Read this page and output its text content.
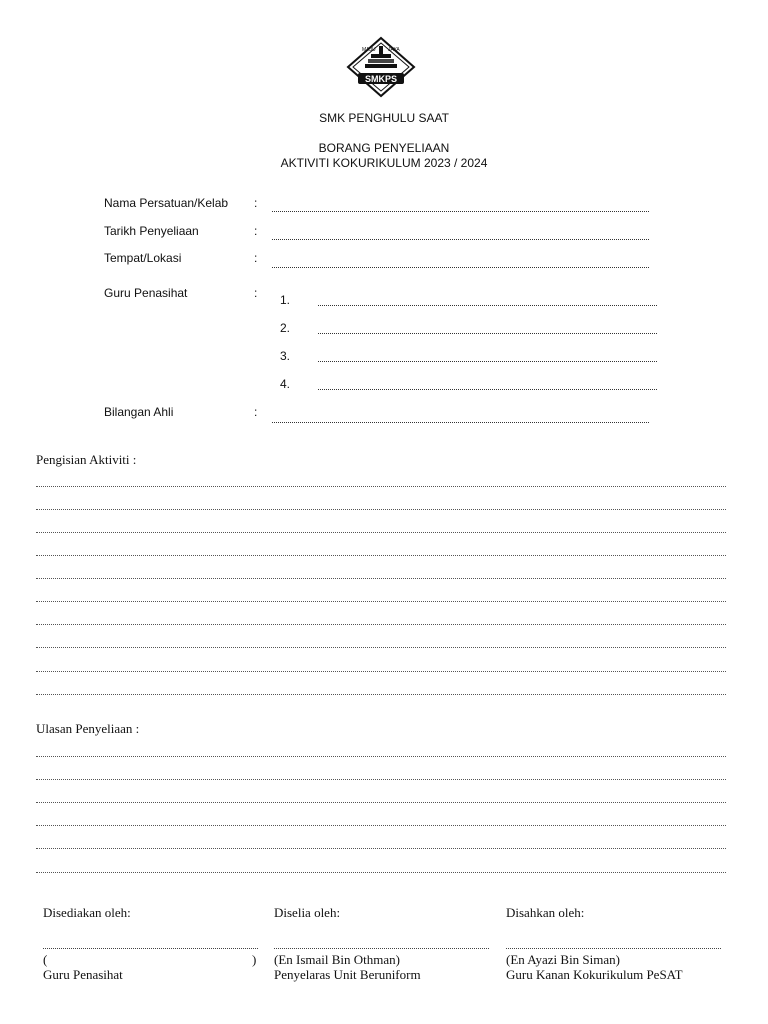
MAJU JAYA
SMKPS
SMK PENGHULU SAAT
BORANG PENYELIAAN
AKTIVITI KOKURIKULUM 2023 / 2024
Nama Persatuan/Kelab :
Tarikh Penyeliaan	:
Tempat/Lokasi	:
Guru Penasihat	: 1.
2.
3.
4.
Bilangan Ahli	:
Pengisian Aktiviti :
Ulasan Penyeliaan :
Disediakan oleh:
(	)
Guru Penasihat
Diselia oleh:
(En Ismail Bin Othman)
Penyelaras Unit Beruniform
Disahkan oleh:
(En Ayazi Bin Siman)
Guru Kanan Kokurikulum PeSAT
